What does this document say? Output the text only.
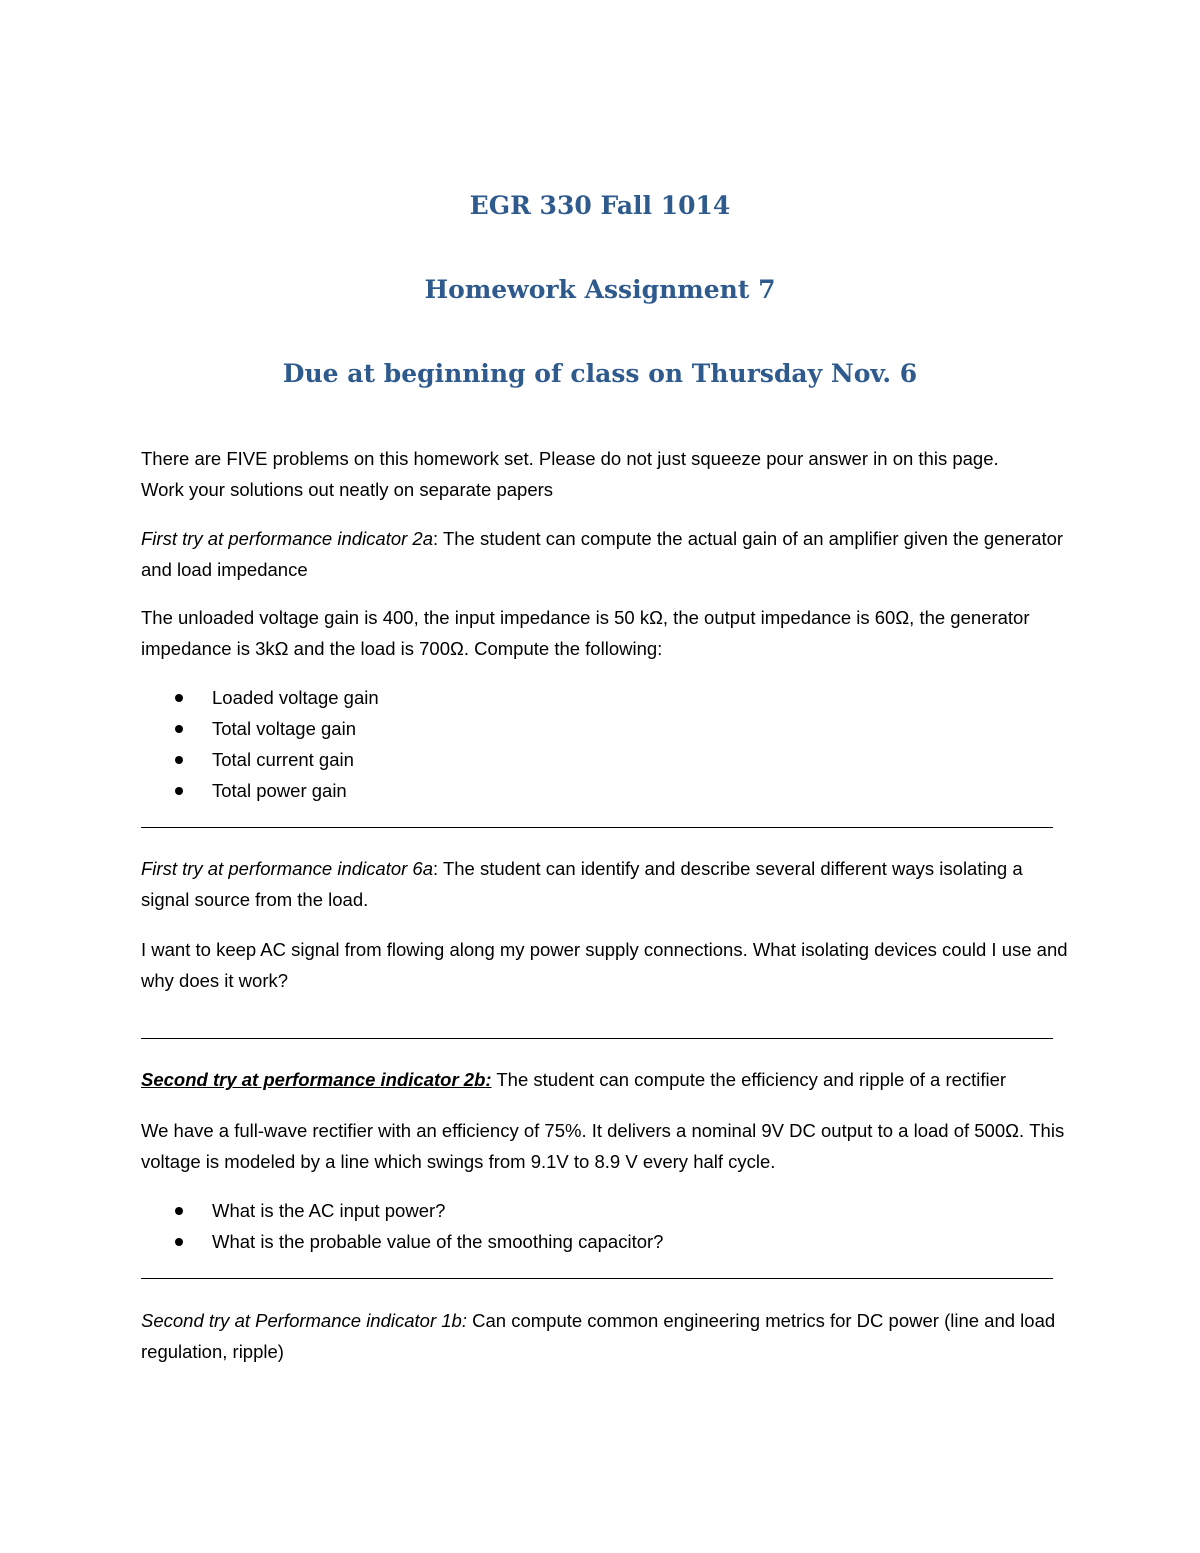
EGR 330 Fall 1014
Homework Assignment 7
Due at beginning of class on Thursday Nov. 6

There are FIVE problems on this homework set. Please do not just squeeze pour answer in on this page.
Work your solutions out neatly on separate papers

First try at performance indicator 2a: The student can compute the actual gain of an amplifier given the generator and load impedance

The unloaded voltage gain is 400, the input impedance is 50 kΩ, the output impedance is 60Ω, the generator impedance is 3kΩ and the load is 700Ω. Compute the following:

Loaded voltage gain
Total voltage gain
Total current gain
Total power gain

First try at performance indicator 6a: The student can identify and describe several different ways isolating a signal source from the load.

I want to keep AC signal from flowing along my power supply connections. What isolating devices could I use and why does it work?

Second try at performance indicator 2b: The student can compute the efficiency and ripple of a rectifier

We have a full-wave rectifier with an efficiency of 75%. It delivers a nominal 9V DC output to a load of 500Ω. This voltage is modeled by a line which swings from 9.1V to 8.9 V every half cycle.

What is the AC input power?
What is the probable value of the smoothing capacitor?

Second try at Performance indicator 1b: Can compute common engineering metrics for DC power (line and load regulation, ripple)
